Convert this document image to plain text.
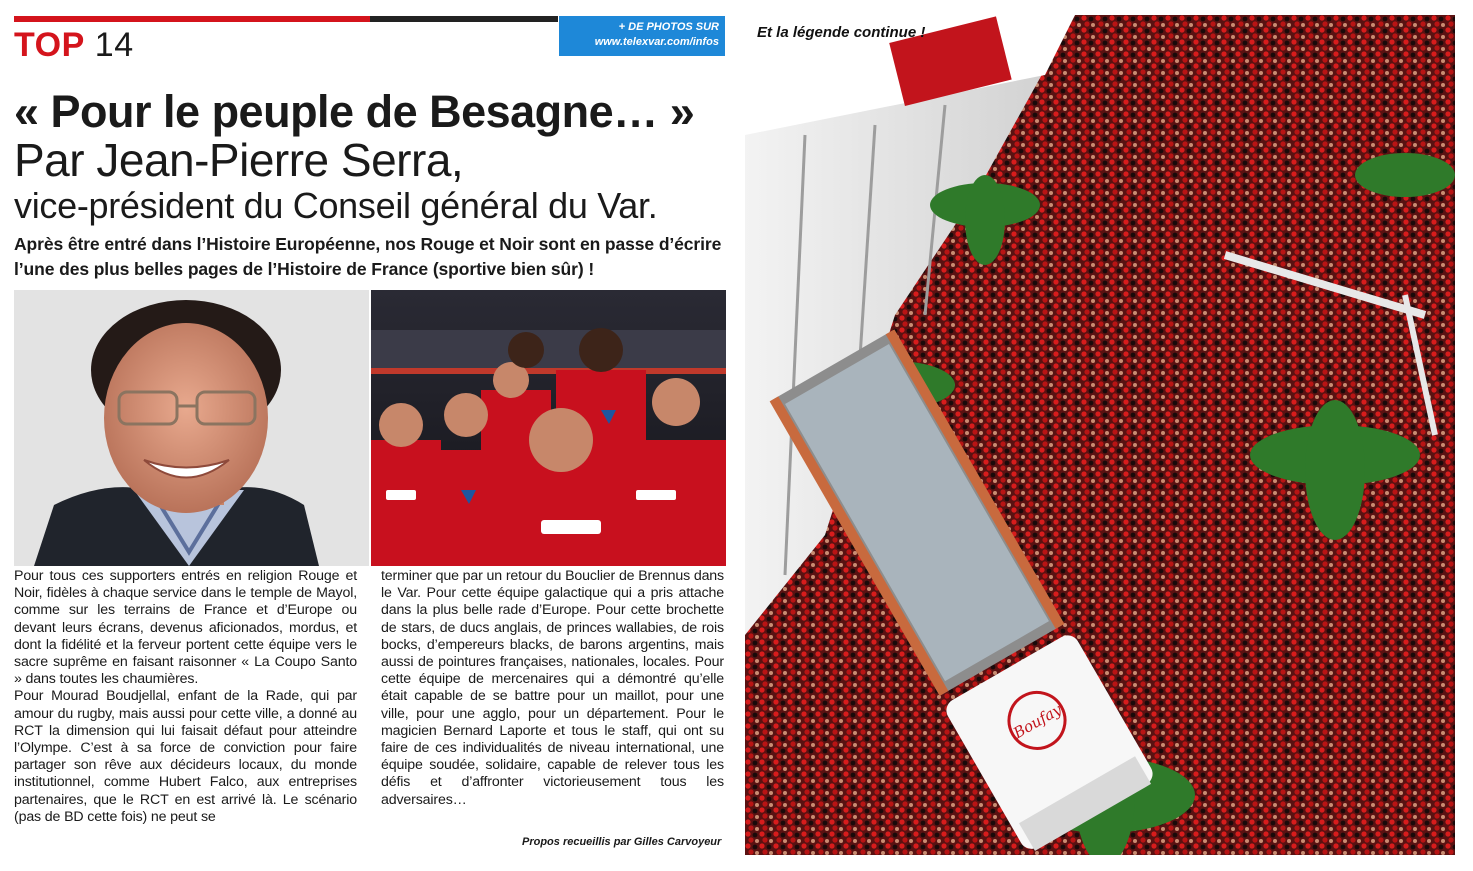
TOP 14	+ DE PHOTOS SUR
www.telexvar.com/infos
« Pour le peuple de Besagne… »
Par Jean-Pierre Serra,
vice-président du Conseil général du Var.
Après être entré dans l’Histoire Européenne, nos Rouge et Noir sont en passe d’écrire l’une des plus belles pages de l’Histoire de France (sportive bien sûr) !
Boufay
Et la légende continue !

Pour tous ces supporters entrés en religion Rouge et Noir, fidèles à chaque service dans le temple de Mayol, comme sur les terrains de France et d’Europe ou devant leurs écrans, devenus aficionados, mordus, et dont la fidélité et la ferveur portent cette équipe vers le sacre suprême en faisant raisonner « La Coupo Santo » dans toutes les chaumières.

Pour Mourad Boudjellal, enfant de la Rade, qui par amour du rugby, mais aussi pour cette ville, a donné au RCT la dimension qui lui faisait défaut pour atteindre l’Olympe. C’est à sa force de conviction pour faire partager son rêve aux décideurs locaux, du monde institutionnel, comme Hubert Falco, aux entreprises partenaires, que le RCT en est arrivé là. Le scénario (pas de BD cette fois) ne peut se

terminer que par un retour du Bouclier de Brennus dans le Var. Pour cette équipe galactique qui a pris attache dans la plus belle rade d’Europe. Pour cette brochette de stars, de ducs anglais, de princes wallabies, de rois bocks, d’empereurs blacks, de barons argentins, mais aussi de pointures françaises, nationales, locales. Pour cette équipe de mercenaires qui a démontré qu’elle était capable de se battre pour un maillot, pour une ville, pour une agglo, pour un département. Pour le magicien Bernard Laporte et tous le staff, qui ont su faire de ces individualités de niveau international, une équipe soudée, solidaire, capable de relever tous les défis et d’affronter victorieusement tous les adversaires…

Propos recueillis par Gilles Carvoyeur
